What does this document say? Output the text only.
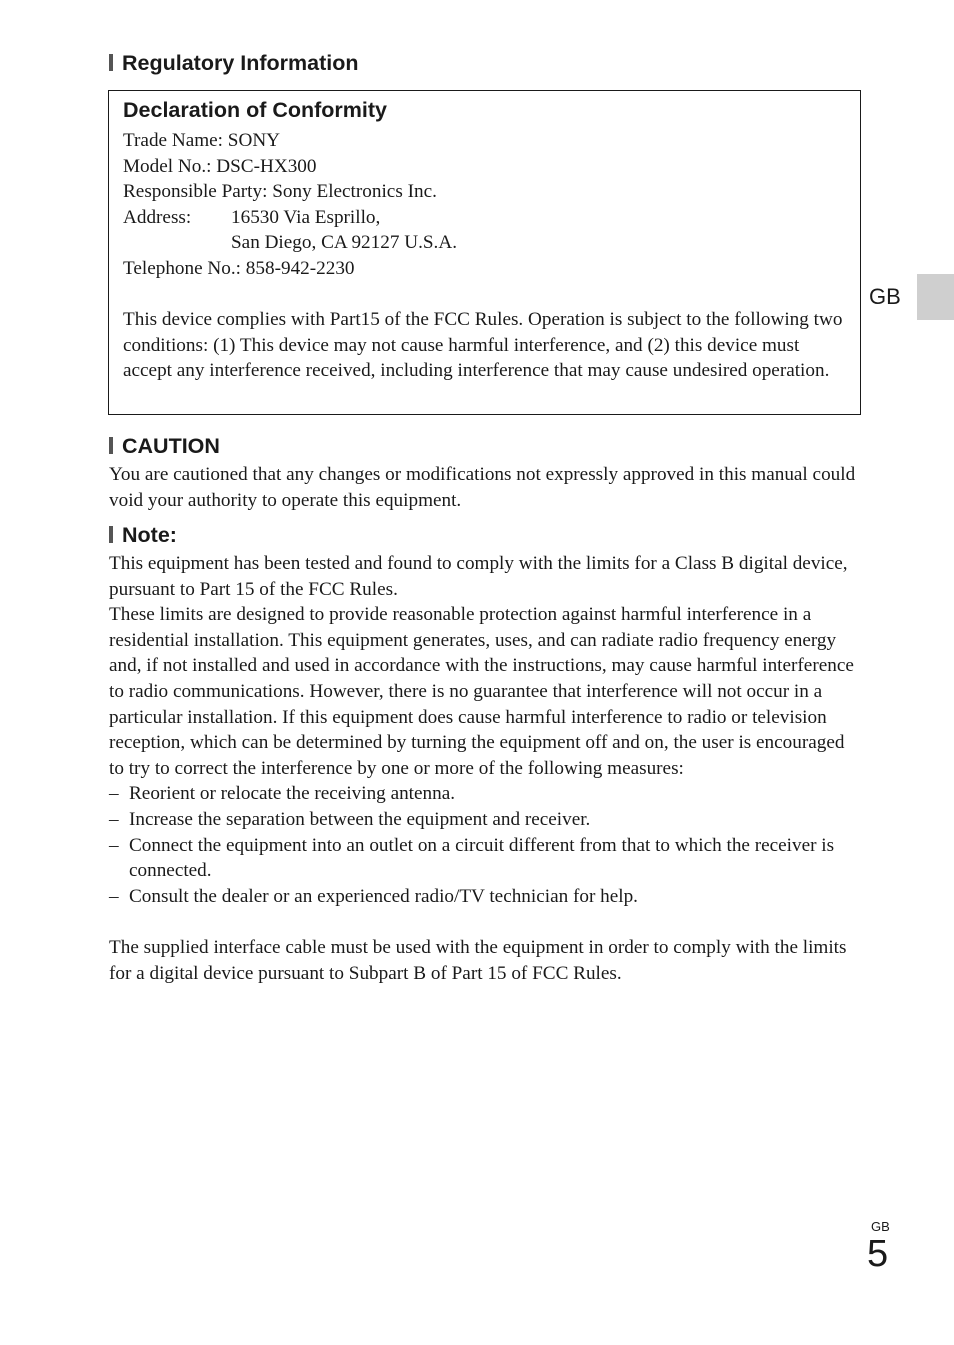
Regulatory Information
Declaration of Conformity
Trade Name: SONY
Model No.: DSC-HX300
Responsible Party: Sony Electronics Inc.
Address: 16530 Via Esprillo,
San Diego, CA 92127 U.S.A.
Telephone No.: 858-942-2230
This device complies with Part15 of the FCC Rules. Operation is subject to the following two conditions: (1) This device may not cause harmful interference, and (2) this device must accept any interference received, including interference that may cause undesired operation.
GB
CAUTION
You are cautioned that any changes or modifications not expressly approved in this manual could void your authority to operate this equipment.
Note:
This equipment has been tested and found to comply with the limits for a Class B digital device, pursuant to Part 15 of the FCC Rules.
These limits are designed to provide reasonable protection against harmful interference in a residential installation. This equipment generates, uses, and can radiate radio frequency energy and, if not installed and used in accordance with the instructions, may cause harmful interference to radio communications. However, there is no guarantee that interference will not occur in a particular installation. If this equipment does cause harmful interference to radio or television reception, which can be determined by turning the equipment off and on, the user is encouraged to try to correct the interference by one or more of the following measures:
– Reorient or relocate the receiving antenna.
– Increase the separation between the equipment and receiver.
– Connect the equipment into an outlet on a circuit different from that to which the receiver is connected.
– Consult the dealer or an experienced radio/TV technician for help.
The supplied interface cable must be used with the equipment in order to comply with the limits for a digital device pursuant to Subpart B of Part 15 of FCC Rules.
GB
5
